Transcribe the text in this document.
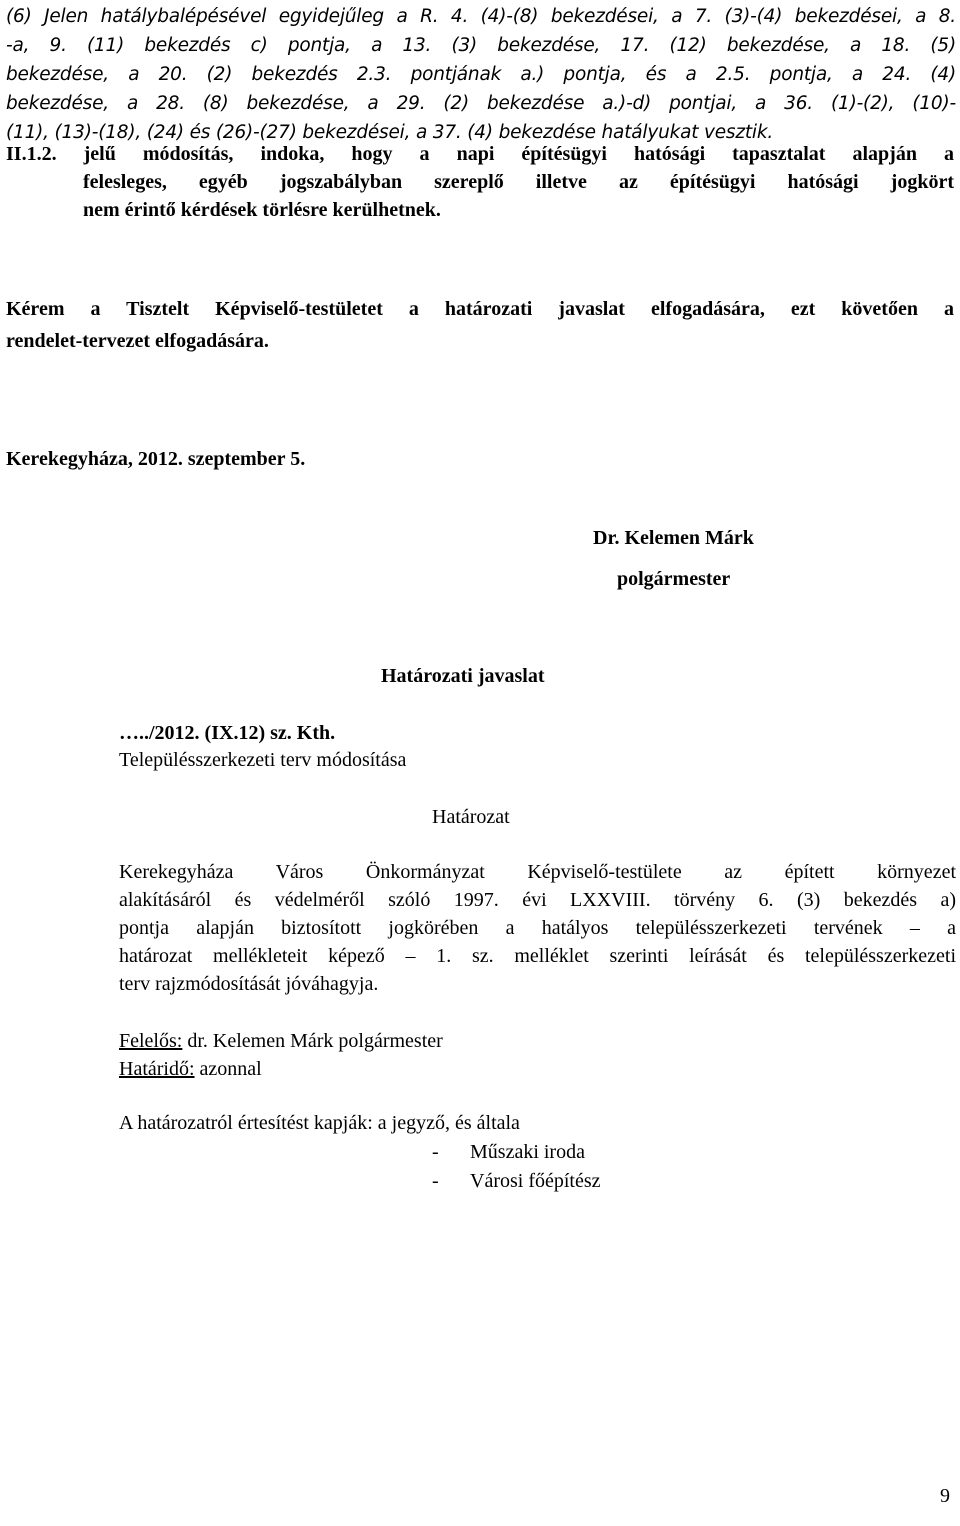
(6) Jelen hatálybalépésével egyidejűleg a R. 4. (4)-(8) bekezdései, a 7. (3)-(4) bekezdései, a 8.
-a, 9. (11) bekezdés c) pontja, a 13. (3) bekezdése, 17. (12) bekezdése, a 18. (5)
bekezdése, a 20. (2) bekezdés 2.3. pontjának a.) pontja, és a 2.5. pontja, a 24. (4)
bekezdése, a 28. (8) bekezdése, a 29. (2) bekezdése a.)-d) pontjai, a 36. (1)-(2), (10)-
(11), (13)-(18), (24) és (26)-(27) bekezdései, a 37. (4) bekezdése hatályukat vesztik.
II.1.2. jelű módosítás, indoka, hogy a napi építésügyi hatósági tapasztalat alapján a
felesleges, egyéb jogszabályban szereplő illetve az építésügyi hatósági jogkört
nem érintő kérdések törlésre kerülhetnek.
Kérem a Tisztelt Képviselő-testületet a határozati javaslat elfogadására, ezt követően a
rendelet-tervezet elfogadására.
Kerekegyháza, 2012. szeptember 5.
Dr. Kelemen Márk
polgármester
Határozati javaslat
…../2012. (IX.12) sz. Kth.
Településszerkezeti terv módosítása
Határozat
Kerekegyháza Város Önkormányzat Képviselő-testülete az épített környezet
alakításáról és védelméről szóló 1997. évi LXXVIII. törvény 6. (3) bekezdés a)
pontja alapján biztosított jogkörében a hatályos településszerkezeti tervének – a
határozat mellékleteit képező – 1. sz. melléklet szerinti leírását és településszerkezeti
terv rajzmódosítását jóváhagyja.
Felelős: dr. Kelemen Márk polgármester
Határidő: azonnal
A határozatról értesítést kapják: a jegyző, és általa
- Műszaki iroda
- Városi főépítész
9
